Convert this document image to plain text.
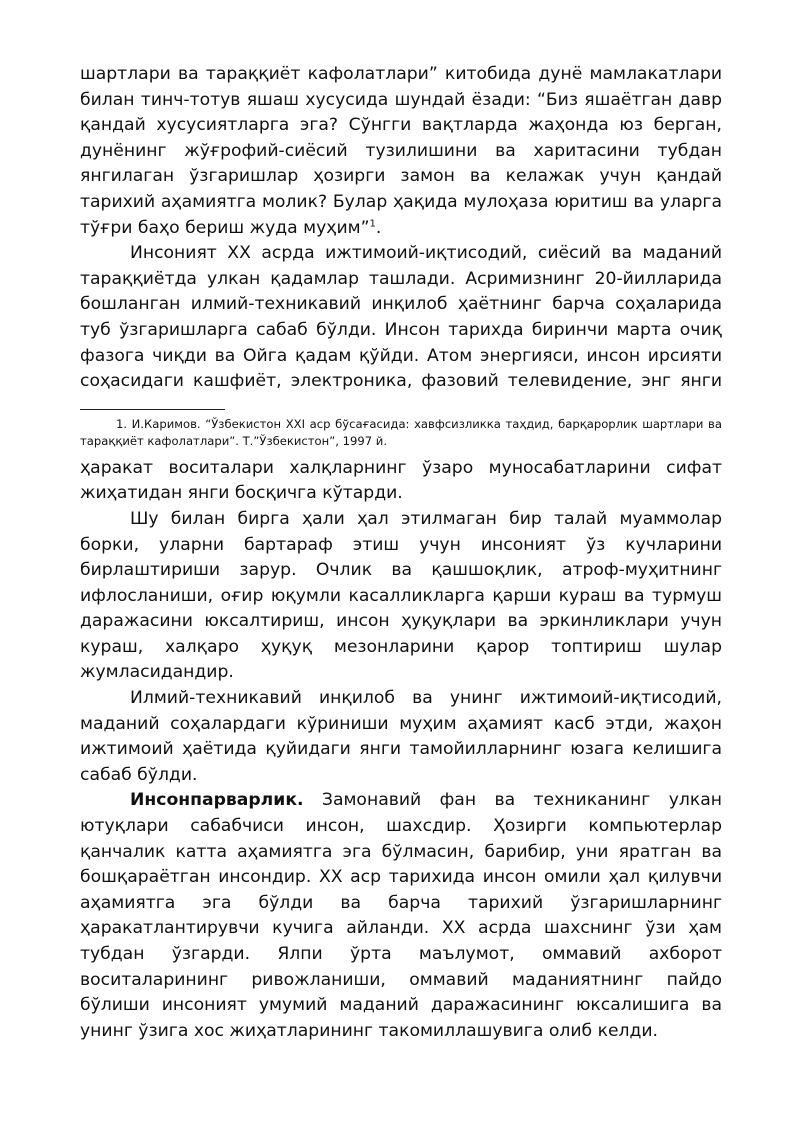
шартлари ва тараққиёт кафолатлари” китобида дунё мамлакатлари билан тинч-тотув яшаш хусусида шундай ёзади: “Биз яшаётган давр қандай хусусиятларга эга? Сўнгги вақтларда жаҳонда юз берган, дунёнинг жўғрофий-сиёсий тузилишини ва харитасини тубдан янгилаган ўзгаришлар ҳозирги замон ва келажак учун қандай тарихий аҳамиятга молик? Булар ҳақида мулоҳаза юритиш ва уларга тўғри баҳо бериш жуда муҳим”$^1$.

Инсоният XX асрда ижтимоий-иқтисодий, сиёсий ва маданий тараққиётда улкан қадамлар ташлади. Асримизнинг 20-йилларида бошланган илмий-техникавий инқилоб ҳаётнинг барча соҳаларида туб ўзгаришларга сабаб бўлди. Инсон тарихда биринчи марта очиқ фазога чиқди ва Ойга қадам қўйди. Атом энергияси, инсон ирсияти соҳасидаги кашфиёт, электроника, фазовий телевидение, энг янги

1. И.Каримов. “Ўзбекистон XXI аср бўсағасида: хавфсизликка таҳдид, барқарорлик шартлари ва тараққиёт кафолатлари”. Т.”Ўзбекистон”, 1997 й.

ҳаракат воситалари халқларнинг ўзаро муносабатларини сифат жиҳатидан янги босқичга кўтарди.

Шу билан бирга ҳали ҳал этилмаган бир талай муаммолар борки, уларни бартараф этиш учун инсоният ўз кучларини бирлаштириши зарур. Очлик ва қашшоқлик, атроф-муҳитнинг ифлосланиши, оғир юқумли касалликларга қарши кураш ва турмуш даражасини юксалтириш, инсон ҳуқуқлари ва эркинликлари учун кураш, халқаро ҳуқуқ мезонларини қарор топтириш шулар жумласидандир.

Илмий-техникавий инқилоб ва унинг ижтимоий-иқтисодий, маданий соҳалардаги кўриниши муҳим аҳамият касб этди, жаҳон ижтимоий ҳаётида қуйидаги янги тамойилларнинг юзага келишига сабаб бўлди.

Инсонпарварлик. Замонавий фан ва техниканинг улкан ютуқлари сабабчиси инсон, шахсдир. Ҳозирги компьютерлар қанчалик катта аҳамиятга эга бўлмасин, барибир, уни яратган ва бошқараётган инсондир. XX аср тарихида инсон омили ҳал қилувчи аҳамиятга эга бўлди ва барча тарихий ўзгаришларнинг ҳаракатлантирувчи кучига айланди. XX асрда шахснинг ўзи ҳам тубдан ўзгарди. Ялпи ўрта маълумот, оммавий ахборот воситаларининг ривожланиши, оммавий маданиятнинг пайдо бўлиши инсоният умумий маданий даражасининг юксалишига ва унинг ўзига хос жиҳатларининг такомиллашувига олиб келди.
